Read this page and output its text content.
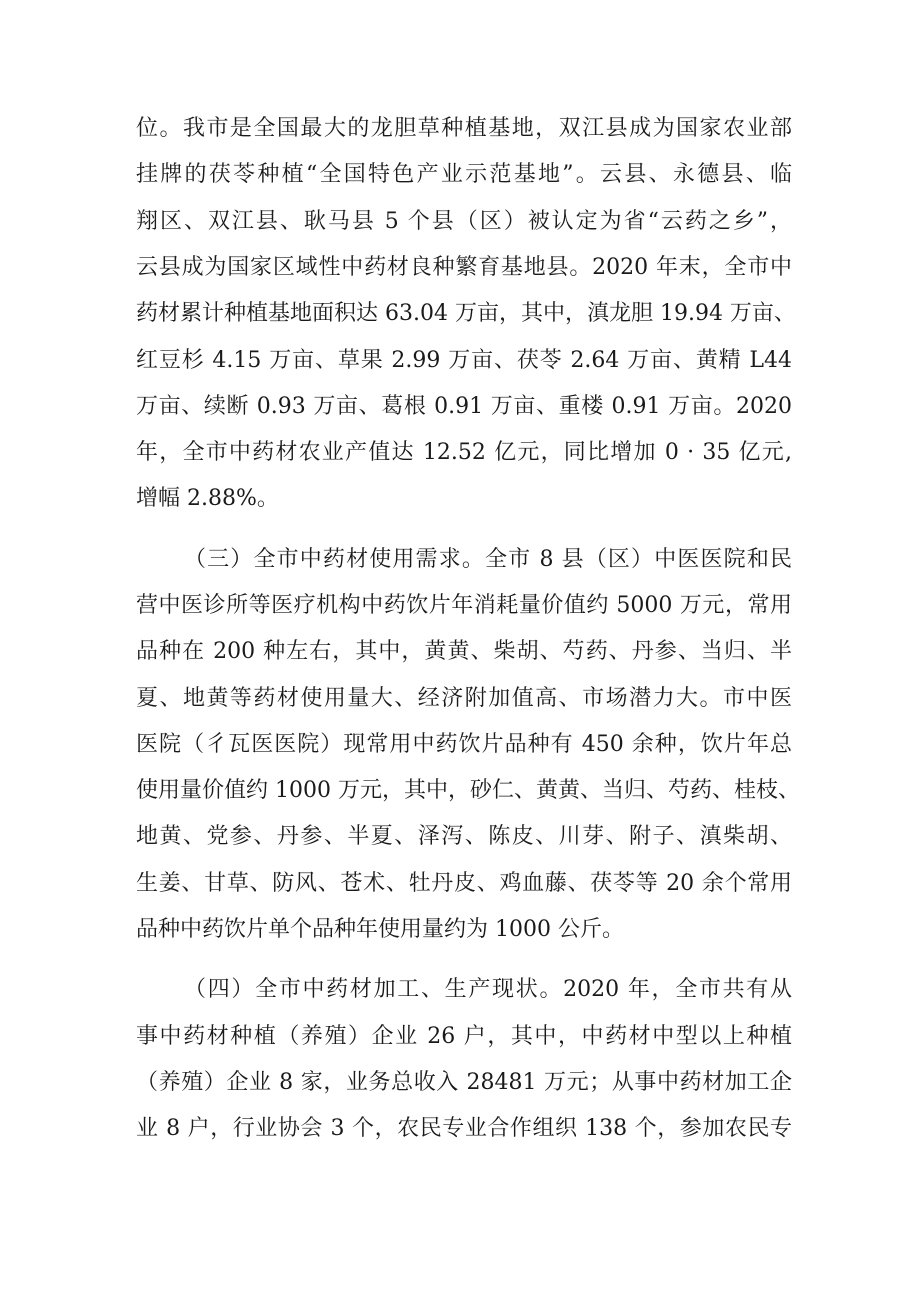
位。我市是全国最大的龙胆草种植基地，双江县成为国家农业部
挂牌的茯苓种植“全国特色产业示范基地”。云县、永德县、临
翔区、双江县、耿马县 5 个县（区）被认定为省“云药之乡”，
云县成为国家区域性中药材良种繁育基地县。2020 年末，全市中
药材累计种植基地面积达 63.04 万亩，其中，滇龙胆 19.94 万亩、
红豆杉 4.15 万亩、草果 2.99 万亩、茯苓 2.64 万亩、黄精 L44
万亩、续断 0.93 万亩、葛根 0.91 万亩、重楼 0.91 万亩。2020
年，全市中药材农业产值达 12.52 亿元，同比增加 0 · 35 亿元,
增幅 2.88%。
（三）全市中药材使用需求。全市 8 县（区）中医医院和民
营中医诊所等医疗机构中药饮片年消耗量价值约 5000 万元，常用
品种在 200 种左右，其中，黄黄、柴胡、芍药、丹参、当归、半
夏、地黄等药材使用量大、经济附加值高、市场潜力大。市中医
医院（彳瓦医医院）现常用中药饮片品种有 450 余种，饮片年总
使用量价值约 1000 万元，其中，砂仁、黄黄、当归、芍药、桂枝、
地黄、党参、丹参、半夏、泽泻、陈皮、川芽、附子、滇柴胡、
生姜、甘草、防风、苍术、牡丹皮、鸡血藤、茯苓等 20 余个常用
品种中药饮片单个品种年使用量约为 1000 公斤。
（四）全市中药材加工、生产现状。2020 年，全市共有从
事中药材种植（养殖）企业 26 户，其中，中药材中型以上种植
（养殖）企业 8 家，业务总收入 28481 万元；从事中药材加工企
业 8 户，行业协会 3 个，农民专业合作组织 138 个，参加农民专
